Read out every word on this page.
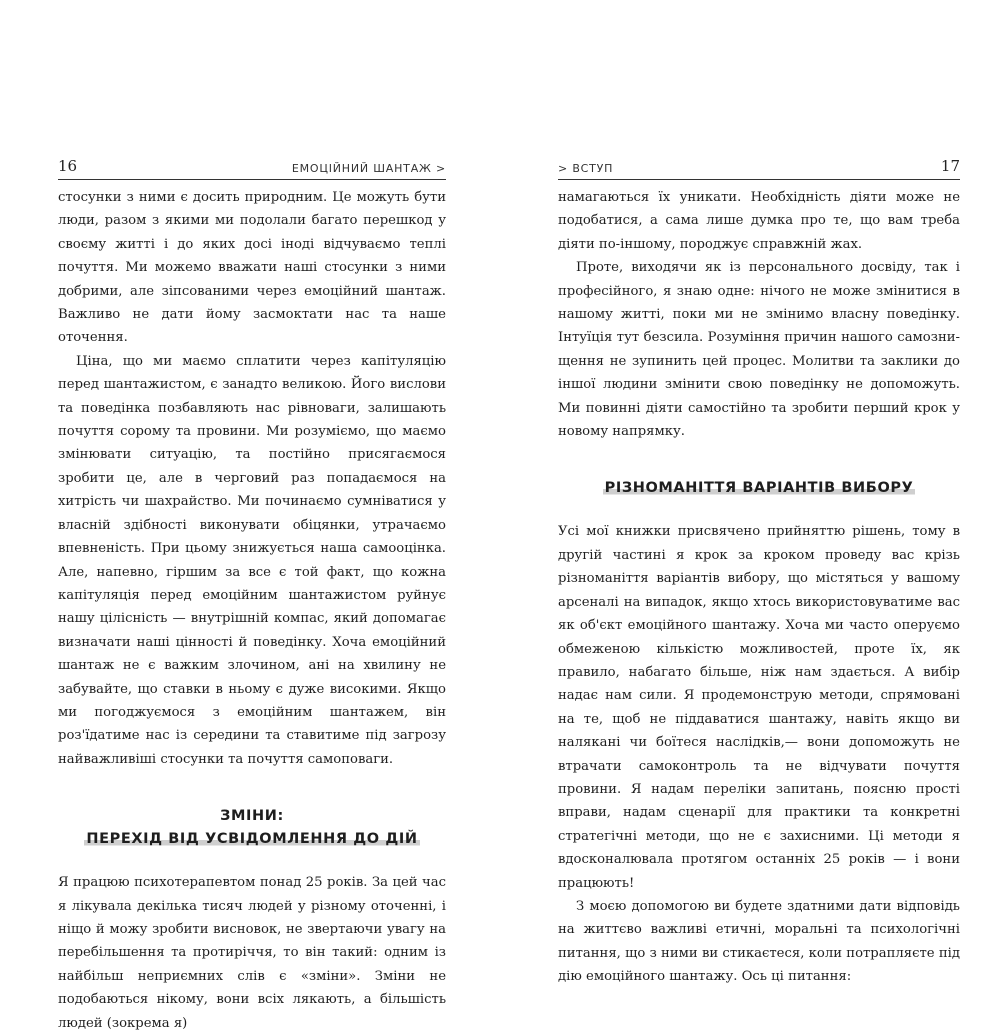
16	ЕМОЦІЙНИЙ ШАНТАЖ >

стосунки з ними є досить природним. Це можуть бути люди, разом з якими ми подолали багато перешкод у своєму житті і до яких досі іноді відчуваємо теплі почуття. Ми можемо вважати наші стосунки з ними добрими, але зіпсованими через емоційний шантаж. Важливо не дати йому засмоктати нас та наше оточення.

Ціна, що ми маємо сплатити через капітуляцію перед шантажистом, є занадто великою. Його вислови та поведінка позбавляють нас рівноваги, залишають почуття сорому та провини. Ми розуміємо, що маємо змінювати ситуацію, та постійно присягаємося зробити це, але в черговий раз попадаємося на хитрість чи шахрайство. Ми починаємо сумніватися у власній здібності виконувати обіцянки, утрачаємо впевненість. При цьому знижується наша самооцінка. Але, напевно, гіршим за все є той факт, що кожна капітуляція перед емоційним шантажистом руйнує нашу цілісність — внутрішній компас, який допомагає визначати наші цінності й поведінку. Хоча емоційний шантаж не є важким злочином, ані на хвилину не забувайте, що ставки в ньому є дуже високими. Якщо ми погоджуємося з емоційним шантажем, він роз'їдатиме нас із середини та ставитиме під загрозу найважливіші стосунки та почуття самоповаги.

ЗМІНИ:
ПЕРЕХІД ВІД УСВІДОМЛЕННЯ ДО ДІЙ

Я працюю психотерапевтом понад 25 років. За цей час я лікувала декілька тисяч людей у різному оточенні, і ніщо й можу зробити висновок, не звертаючи увагу на перебільшення та протиріччя, то він такий: одним із найбільш неприємних слів є «зміни». Зміни не подобаються нікому, вони всіх лякають, а більшість людей (зокрема я)

> ВСТУП	17

намагаються їх уникати. Необхідність діяти може не подобатися, а сама лише думка про те, що вам треба діяти по-іншому, породжує справжній жах.

Проте, виходячи як із персонального досвіду, так і професійного, я знаю одне: нічого не може змінитися в нашому житті, поки ми не змінимо власну поведінку. Інтуїція тут безсила. Розуміння причин нашого самознищення не зупинить цей процес. Молитви та заклики до іншої людини змінити свою поведінку не допоможуть. Ми повинні діяти самостійно та зробити перший крок у новому напрямку.

РІЗНОМАНІТТЯ ВАРІАНТІВ ВИБОРУ

Усі мої книжки присвячено прийняттю рішень, тому в другій частині я крок за кроком проведу вас крізь різноманіття варіантів вибору, що містяться у вашому арсеналі на випадок, якщо хтось використовуватиме вас як об'єкт емоційного шантажу. Хоча ми часто оперуємо обмеженою кількістю можливостей, проте їх, як правило, набагато більше, ніж нам здається. А вибір надає нам сили. Я продемонструю методи, спрямовані на те, щоб не піддаватися шантажу, навіть якщо ви налякані чи боїтеся наслідків,— вони допоможуть не втрачати самоконтроль та не відчувати почуття провини. Я надам переліки запитань, поясню прості вправи, надам сценарії для практики та конкретні стратегічні методи, що не є захисними. Ці методи я вдосконалювала протягом останніх 25 років — і вони працюють!

З моєю допомогою ви будете здатними дати відповідь на життєво важливі етичні, моральні та психологічні питання, що з ними ви стикаєтеся, коли потрапляєте під дію емоційного шантажу. Ось ці питання:
